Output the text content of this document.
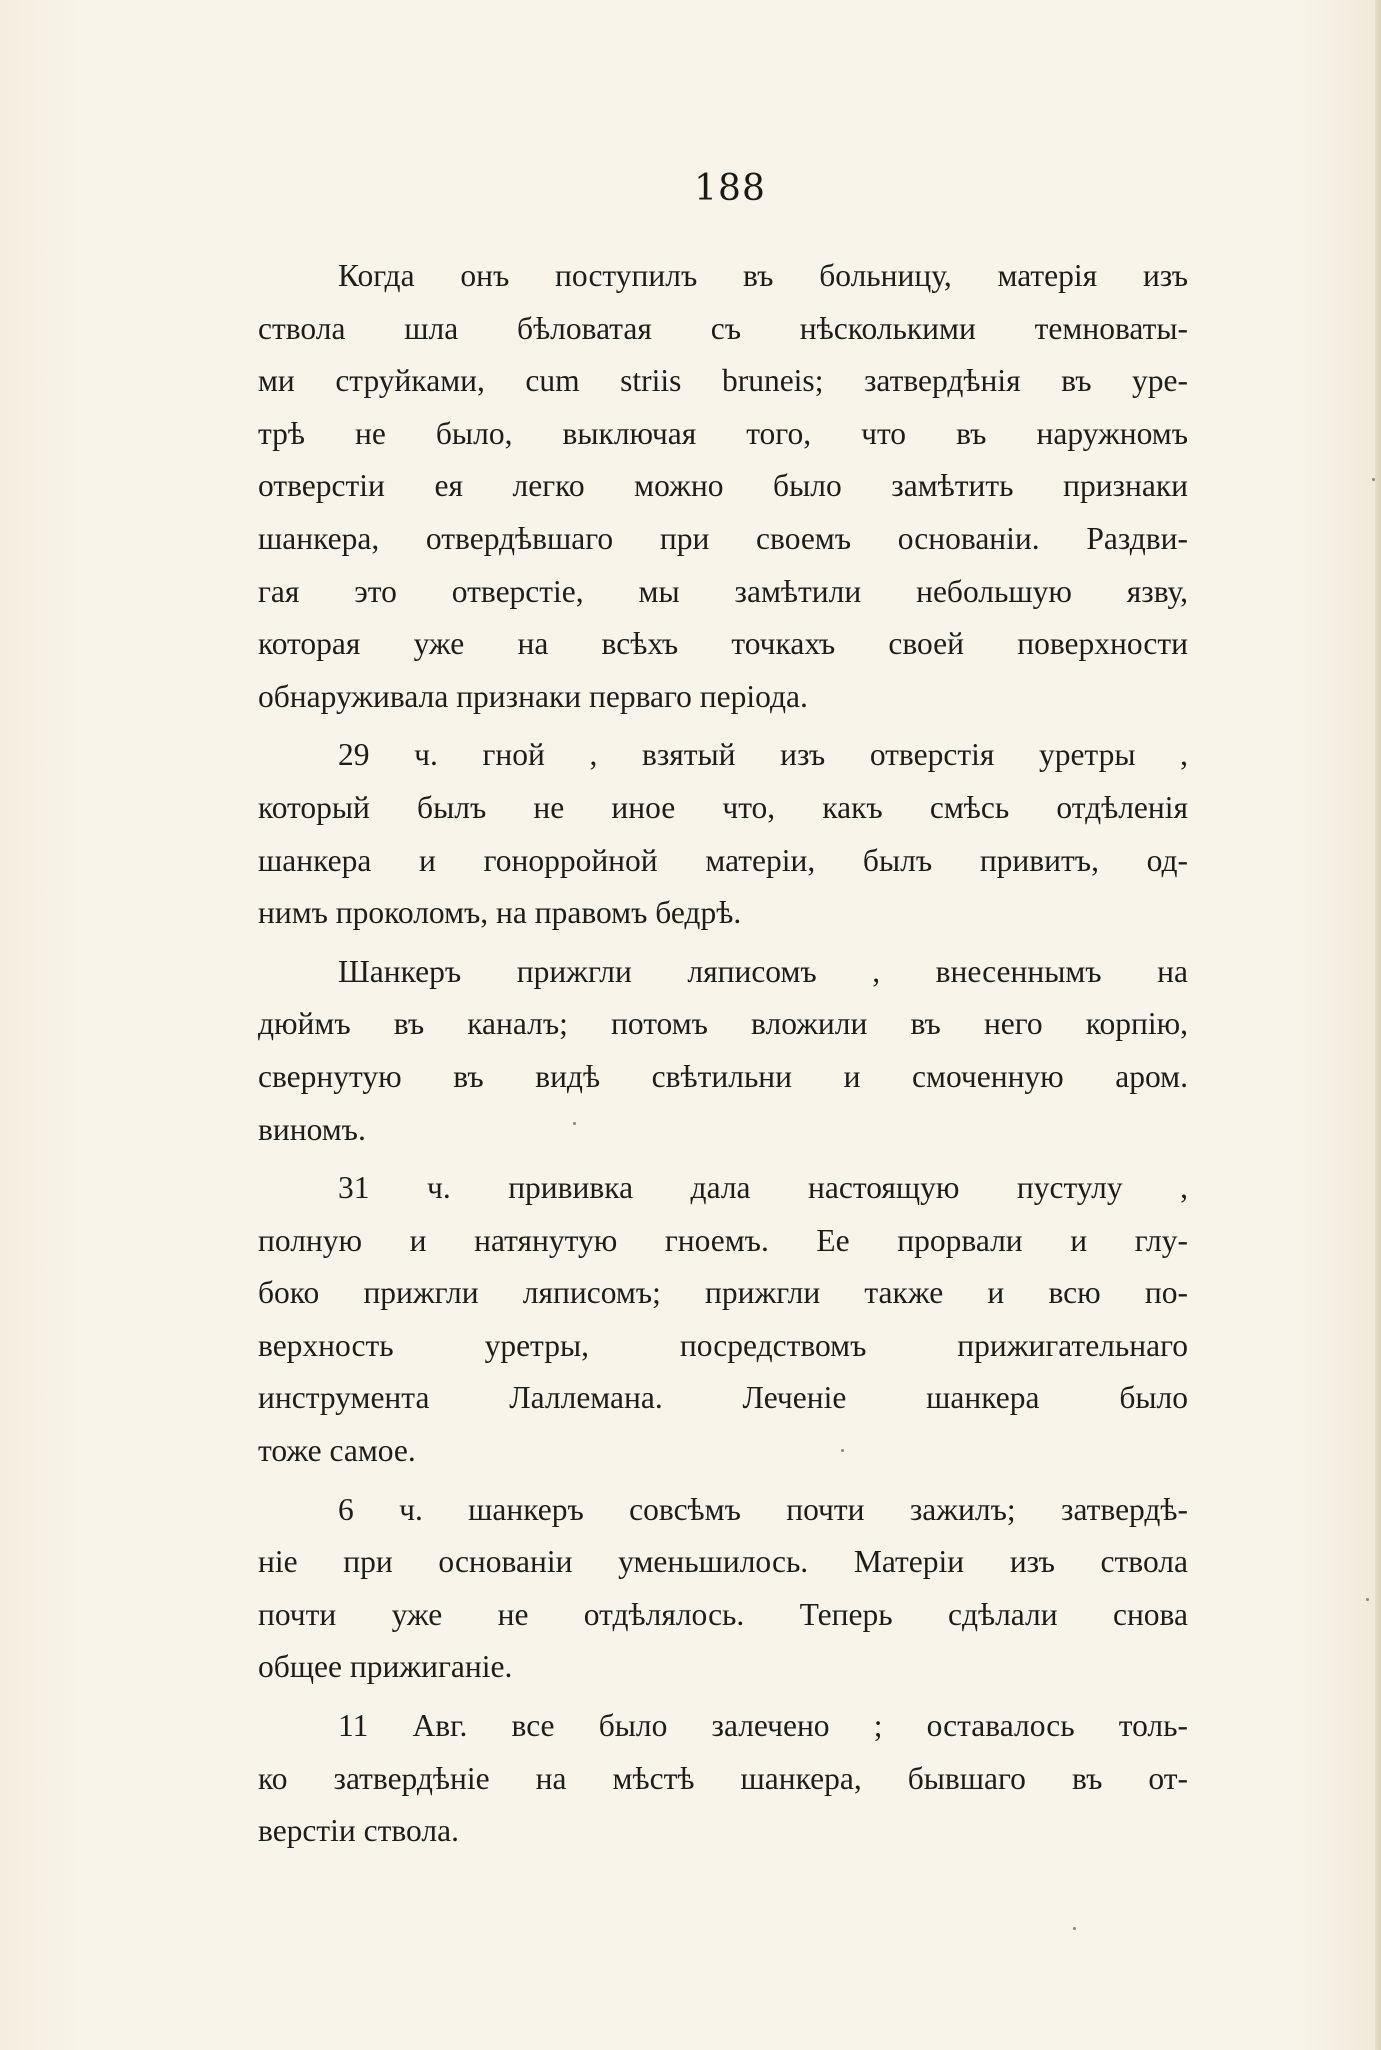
188
Когда онъ поступилъ въ больницу, матерія изъ
ствола шла бѣловатая съ нѣсколькими темноваты-
ми струйками, cum striis bruneis; затвердѣнія въ уре-
трѣ не было, выключая того, что въ наружномъ
отверстіи ея легко можно было замѣтить признаки
шанкера, отвердѣвшаго при своемъ основаніи. Раздви-
гая это отверстіе, мы замѣтили небольшую язву,
которая уже на всѣхъ точкахъ своей поверхности
обнаруживала признаки перваго періода.
29 ч. гной , взятый изъ отверстія уретры ,
который былъ не иное что, какъ смѣсь отдѣленія
шанкера и гонорройной матеріи, былъ привитъ, од-
нимъ проколомъ, на правомъ бедрѣ.
Шанкеръ прижгли ляписомъ , внесеннымъ на
дюймъ въ каналъ; потомъ вложили въ него корпію,
свернутую въ видѣ свѣтильни и смоченную аром.
виномъ.
31 ч. прививка дала настоящую пустулу ,
полную и натянутую гноемъ. Ее прорвали и глу-
боко прижгли ляписомъ; прижгли также и всю по-
верхность уретры, посредствомъ прижигательнаго
инструмента Лаллемана. Леченіе шанкера было
тоже самое.
6 ч. шанкеръ совсѣмъ почти зажилъ; затвердѣ-
ніе при основаніи уменьшилось. Матеріи изъ ствола
почти уже не отдѣлялось. Теперь сдѣлали снова
общее прижиганіе.
11 Авг. все было залечено ; оставалось толь-
ко затвердѣніе на мѣстѣ шанкера, бывшаго въ от-
верстіи ствола.
